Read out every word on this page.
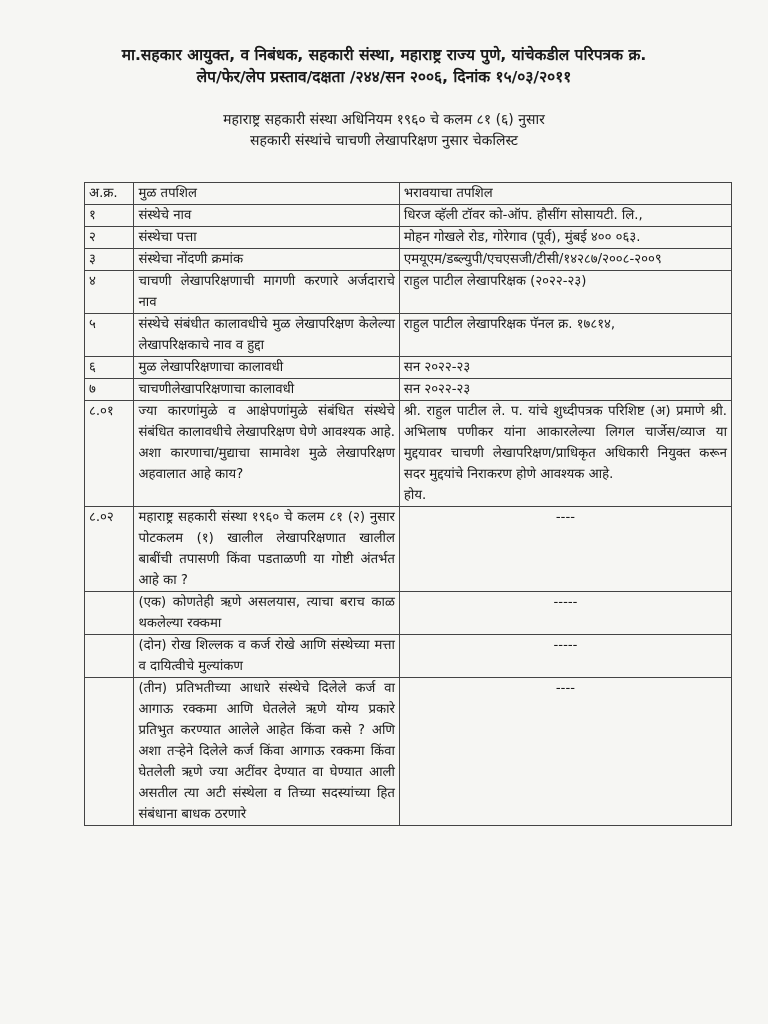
मा.सहकार आयुक्त, व निबंधक, सहकारी संस्था, महाराष्ट्र राज्य पुणे, यांचेकडील परिपत्रक क्र.
लेप/फेर/लेप प्रस्ताव/दक्षता /२४४/सन २००६, दिनांक १५/०३/२०११
महाराष्ट्र सहकारी संस्था अधिनियम १९६० चे कलम ८१ (६) नुसार
सहकारी संस्थांचे चाचणी लेखापरिक्षण नुसार चेकलिस्ट
अ.क्र.	मुळ तपशिल	भरावयाचा तपशिल
१	संस्थेचे नाव	धिरज व्हॅली टॉवर को-ऑप. हौसींग सोसायटी. लि.,
२	संस्थेचा पत्ता	मोहन गोखले रोड, गोरेगाव (पूर्व), मुंबई ४०० ०६३.
३	संस्थेचा नोंदणी क्रमांक	एमयूएम/डब्ल्युपी/एचएसजी/टीसी/१४२८७/२००८-२००९
४	चाचणी लेखापरिक्षणाची मागणी करणारे अर्जदाराचे नाव	राहुल पाटील लेखापरिक्षक (२०२२-२३)
५	संस्थेचे संबंधीत कालावधीचे मुळ लेखापरिक्षण केलेल्या लेखापरिक्षकाचे नाव व हुद्दा	राहुल पाटील लेखापरिक्षक पॅनल क्र. १७८१४,
६	मुळ लेखापरिक्षणाचा कालावधी	सन २०२२-२३
७	चाचणीलेखापरिक्षणाचा कालावधी	सन २०२२-२३
८.०१	ज्या कारणांमुळे व आक्षेपणांमुळे संबंधित संस्थेचे संबंधित कालावधीचे लेखापरिक्षण घेणे आवश्यक आहे. अशा कारणाचा/मुद्याचा सामावेश मुळे लेखापरिक्षण अहवालात आहे काय?	श्री. राहुल पाटील ले. प. यांचे शुध्दीपत्रक परिशिष्ट (अ) प्रमाणे श्री. अभिलाष पणीकर यांना आकारलेल्या लिगल चार्जेस/व्याज या मुद्दयावर चाचणी लेखापरिक्षण/प्राधिकृत अधिकारी नियुक्त करून सदर मुद्दयांचे निराकरण होणे आवश्यक आहे.
होय.

८.०२	महाराष्ट्र सहकारी संस्था १९६० चे कलम ८१ (२) नुसार पोटकलम (१) खालील लेखापरिक्षणात खालील बाबींची तपासणी किंवा पडताळणी या गोष्टी अंतर्भत आहे का ?	----
	(एक) कोणतेही ऋणे असलयास, त्याचा बराच काळ थकलेल्या रक्कमा	-----
	(दोन) रोख शिल्लक व कर्ज रोखे आणि संस्थेच्या मत्ता व दायित्वीचे मुल्यांकण	-----
	(तीन) प्रतिभतीच्या आधारे संस्थेचे दिलेले कर्ज वा आगाऊ रक्कमा आणि घेतलेले ऋणे योग्य प्रकारे प्रतिभुत करण्यात आलेले आहेत किंवा कसे ? अणि अशा तऱ्हेने दिलेले कर्ज किंवा आगाऊ रक्कमा किंवा घेतलेली ऋणे ज्या अटींवर देण्यात वा घेण्यात आली असतील त्या अटी संस्थेला व तिच्या सदस्यांच्या हित संबंधाना बाधक ठरणारे	----
